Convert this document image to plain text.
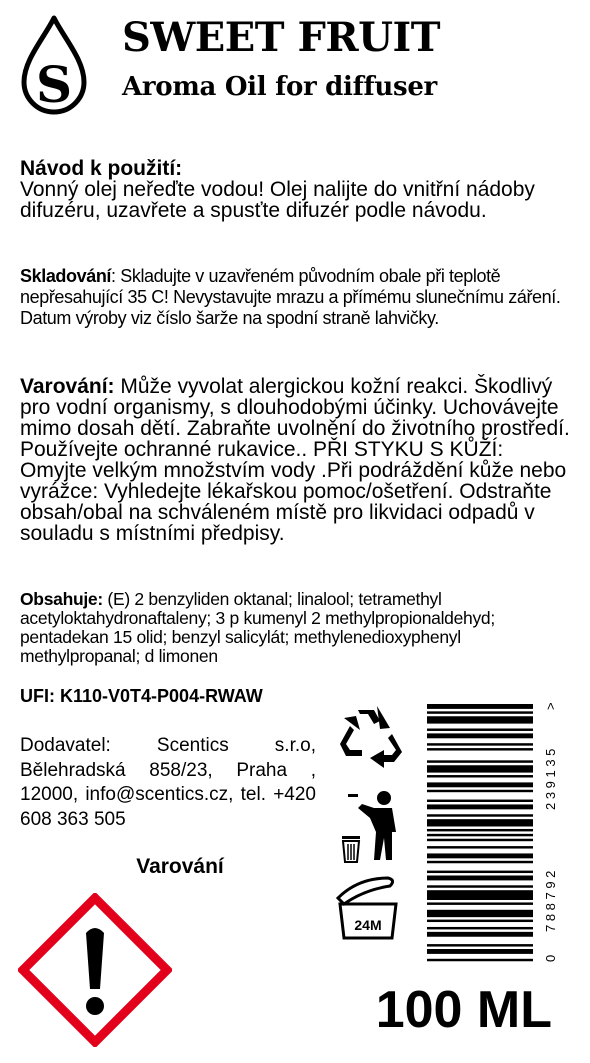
S
SWEET FRUIT
Aroma Oil for diffuser
Návod k použití:
Vonný olej neřeďte vodou! Olej nalijte do vnitřní nádoby difuzéru, uzavřete a spusťte difuzér podle návodu.
Skladování: Skladujte v uzavřeném původním obale při teplotě nepřesahující 35 C! Nevystavujte mrazu a přímému slunečnímu záření. Datum výroby viz číslo šarže na spodní straně lahvičky.
Varování: Může vyvolat alergickou kožní reakci. Škodlivý pro vodní organismy, s dlouhodobými účinky. Uchovávejte mimo dosah dětí. Zabraňte uvolnění do životního prostředí. Používejte ochranné rukavice.. PŘI STYKU S KŮŽÍ: Omyjte velkým množstvím vody .Při podráždění kůže nebo vyrážce: Vyhledejte lékařskou pomoc/ošetření. Odstraňte obsah/obal na schváleném místě pro likvidaci odpadů v souladu s místními předpisy.
Obsahuje: (E) 2 benzyliden oktanal; linalool; tetramethyl acetyloktahydronaftaleny; 3 p kumenyl 2 methylpropionaldehyd; pentadekan 15 olid; benzyl salicylát; methylenedioxyphenyl methylpropanal; d limonen
UFI: K110-V0T4-P004-RWAW
Dodavatel: Scentics s.r.o, Bělehradská 858/23, Praha , 12000, info@scentics.cz, tel. +420 608 363 505
Varování
24M
0
788792
239135
>
100 ML
